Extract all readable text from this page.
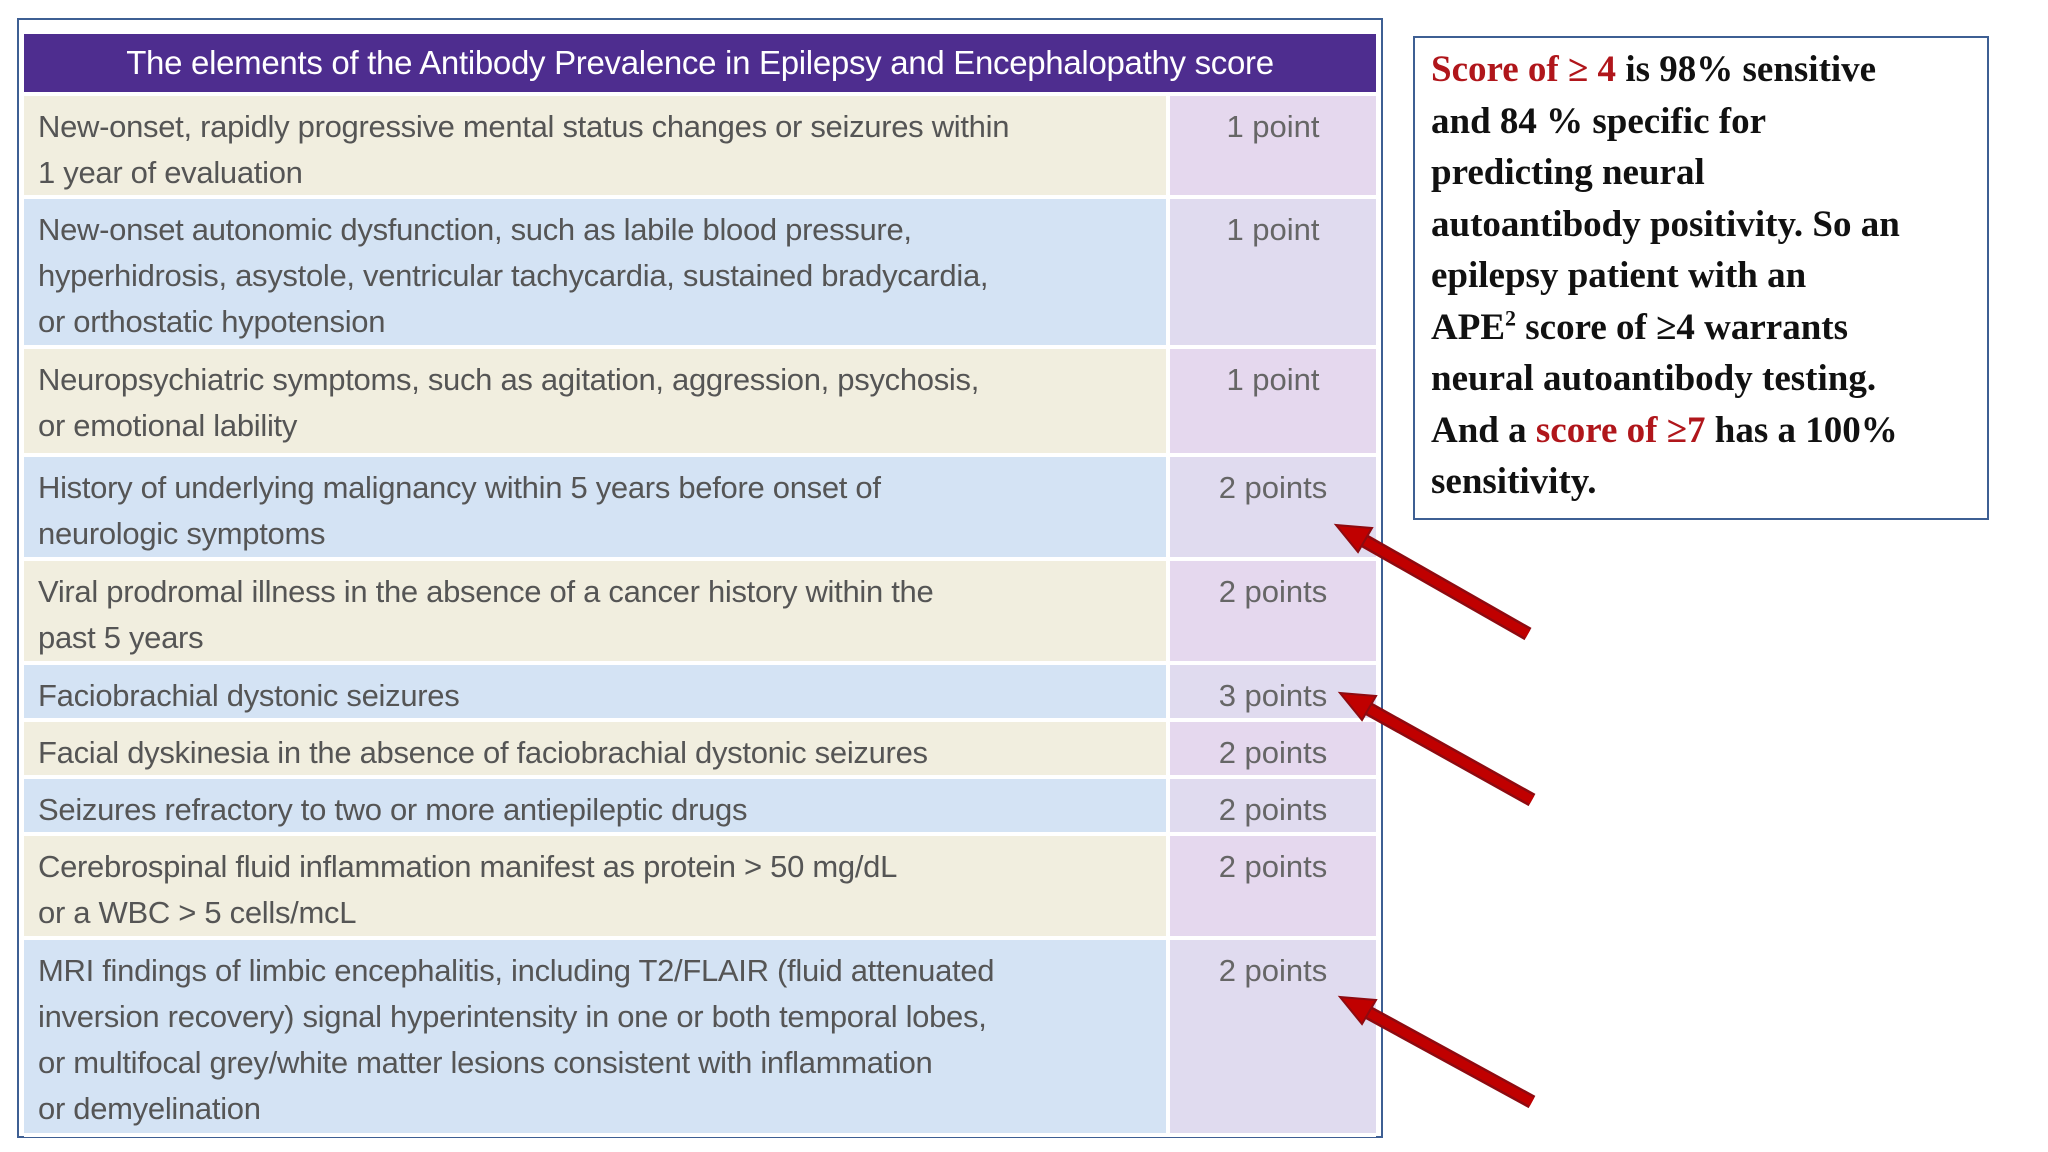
The elements of the Antibody Prevalence in Epilepsy and Encephalopathy score
New-onset, rapidly progressive mental status changes or seizures within
1 year of evaluation
1 point
New-onset autonomic dysfunction, such as labile blood pressure,
hyperhidrosis, asystole, ventricular tachycardia, sustained bradycardia,
or orthostatic hypotension
1 point
Neuropsychiatric symptoms, such as agitation, aggression, psychosis,
or emotional lability
1 point
History of underlying malignancy within 5 years before onset of
neurologic symptoms
2 points
Viral prodromal illness in the absence of a cancer history within the
past 5 years
2 points
Faciobrachial dystonic seizures	3 points
Facial dyskinesia in the absence of faciobrachial dystonic seizures	2 points
Seizures refractory to two or more antiepileptic drugs	2 points
Cerebrospinal fluid inflammation manifest as protein > 50 mg/dL
or a WBC > 5 cells/mcL
2 points
MRI findings of limbic encephalitis, including T2/FLAIR (fluid attenuated
inversion recovery) signal hyperintensity in one or both temporal lobes,
or multifocal grey/white matter lesions consistent with inflammation
or demyelination
2 points
Score of ≥ 4 is 98% sensitive
and 84 % specific for
predicting neural
autoantibody positivity. So an
epilepsy patient with an
APE$^2$ score of ≥4 warrants
neural autoantibody testing.
And a score of ≥7 has a 100%
sensitivity.
